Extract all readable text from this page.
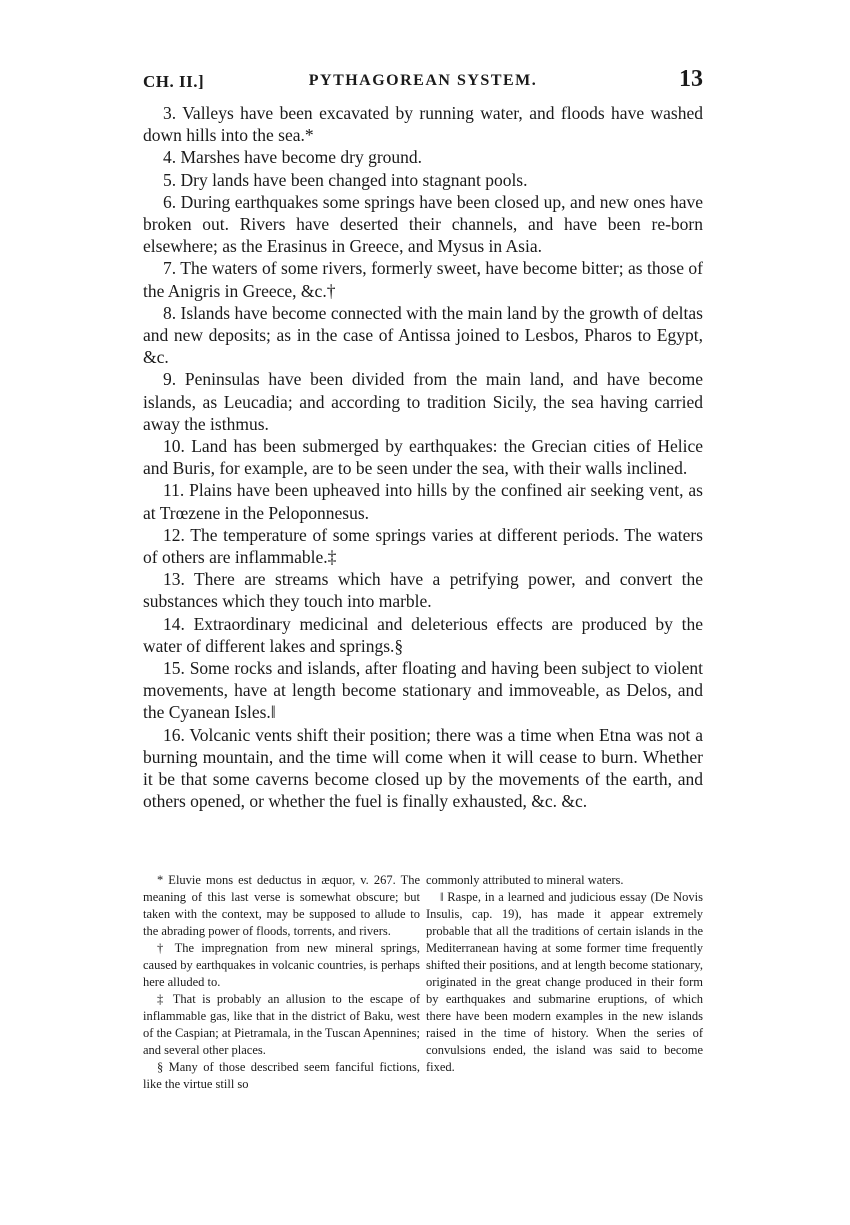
CH. II.]	PYTHAGOREAN SYSTEM.	13

3. Valleys have been excavated by running water, and floods have washed down hills into the sea.*

4. Marshes have become dry ground.

5. Dry lands have been changed into stagnant pools.

6. During earthquakes some springs have been closed up, and new ones have broken out. Rivers have deserted their channels, and have been re-born elsewhere; as the Erasinus in Greece, and Mysus in Asia.

7. The waters of some rivers, formerly sweet, have become bitter; as those of the Anigris in Greece, &c.†

8. Islands have become connected with the main land by the growth of deltas and new deposits; as in the case of Antissa joined to Lesbos, Pharos to Egypt, &c.

9. Peninsulas have been divided from the main land, and have become islands, as Leucadia; and according to tradition Sicily, the sea having carried away the isthmus.

10. Land has been submerged by earthquakes: the Grecian cities of Helice and Buris, for example, are to be seen under the sea, with their walls inclined.

11. Plains have been upheaved into hills by the confined air seeking vent, as at Trœzene in the Peloponnesus.

12. The temperature of some springs varies at different periods. The waters of others are inflammable.‡

13. There are streams which have a petrifying power, and convert the substances which they touch into marble.

14. Extraordinary medicinal and deleterious effects are produced by the water of different lakes and springs.§

15. Some rocks and islands, after floating and having been subject to violent movements, have at length become stationary and immoveable, as Delos, and the Cyanean Isles.‖

16. Volcanic vents shift their position; there was a time when Etna was not a burning mountain, and the time will come when it will cease to burn. Whether it be that some caverns become closed up by the movements of the earth, and others opened, or whether the fuel is finally exhausted, &c. &c.

* Eluvie mons est deductus in æquor, v. 267. The meaning of this last verse is somewhat obscure; but taken with the context, may be supposed to allude to the abrading power of floods, torrents, and rivers.

† The impregnation from new mineral springs, caused by earthquakes in volcanic countries, is perhaps here alluded to.

‡ That is probably an allusion to the escape of inflammable gas, like that in the district of Baku, west of the Caspian; at Pietramala, in the Tuscan Apennines; and several other places.

§ Many of those described seem fanciful fictions, like the virtue still so

commonly attributed to mineral waters.

‖ Raspe, in a learned and judicious essay (De Novis Insulis, cap. 19), has made it appear extremely probable that all the traditions of certain islands in the Mediterranean having at some former time frequently shifted their positions, and at length become stationary, originated in the great change produced in their form by earthquakes and submarine eruptions, of which there have been modern examples in the new islands raised in the time of history. When the series of convulsions ended, the island was said to become fixed.
